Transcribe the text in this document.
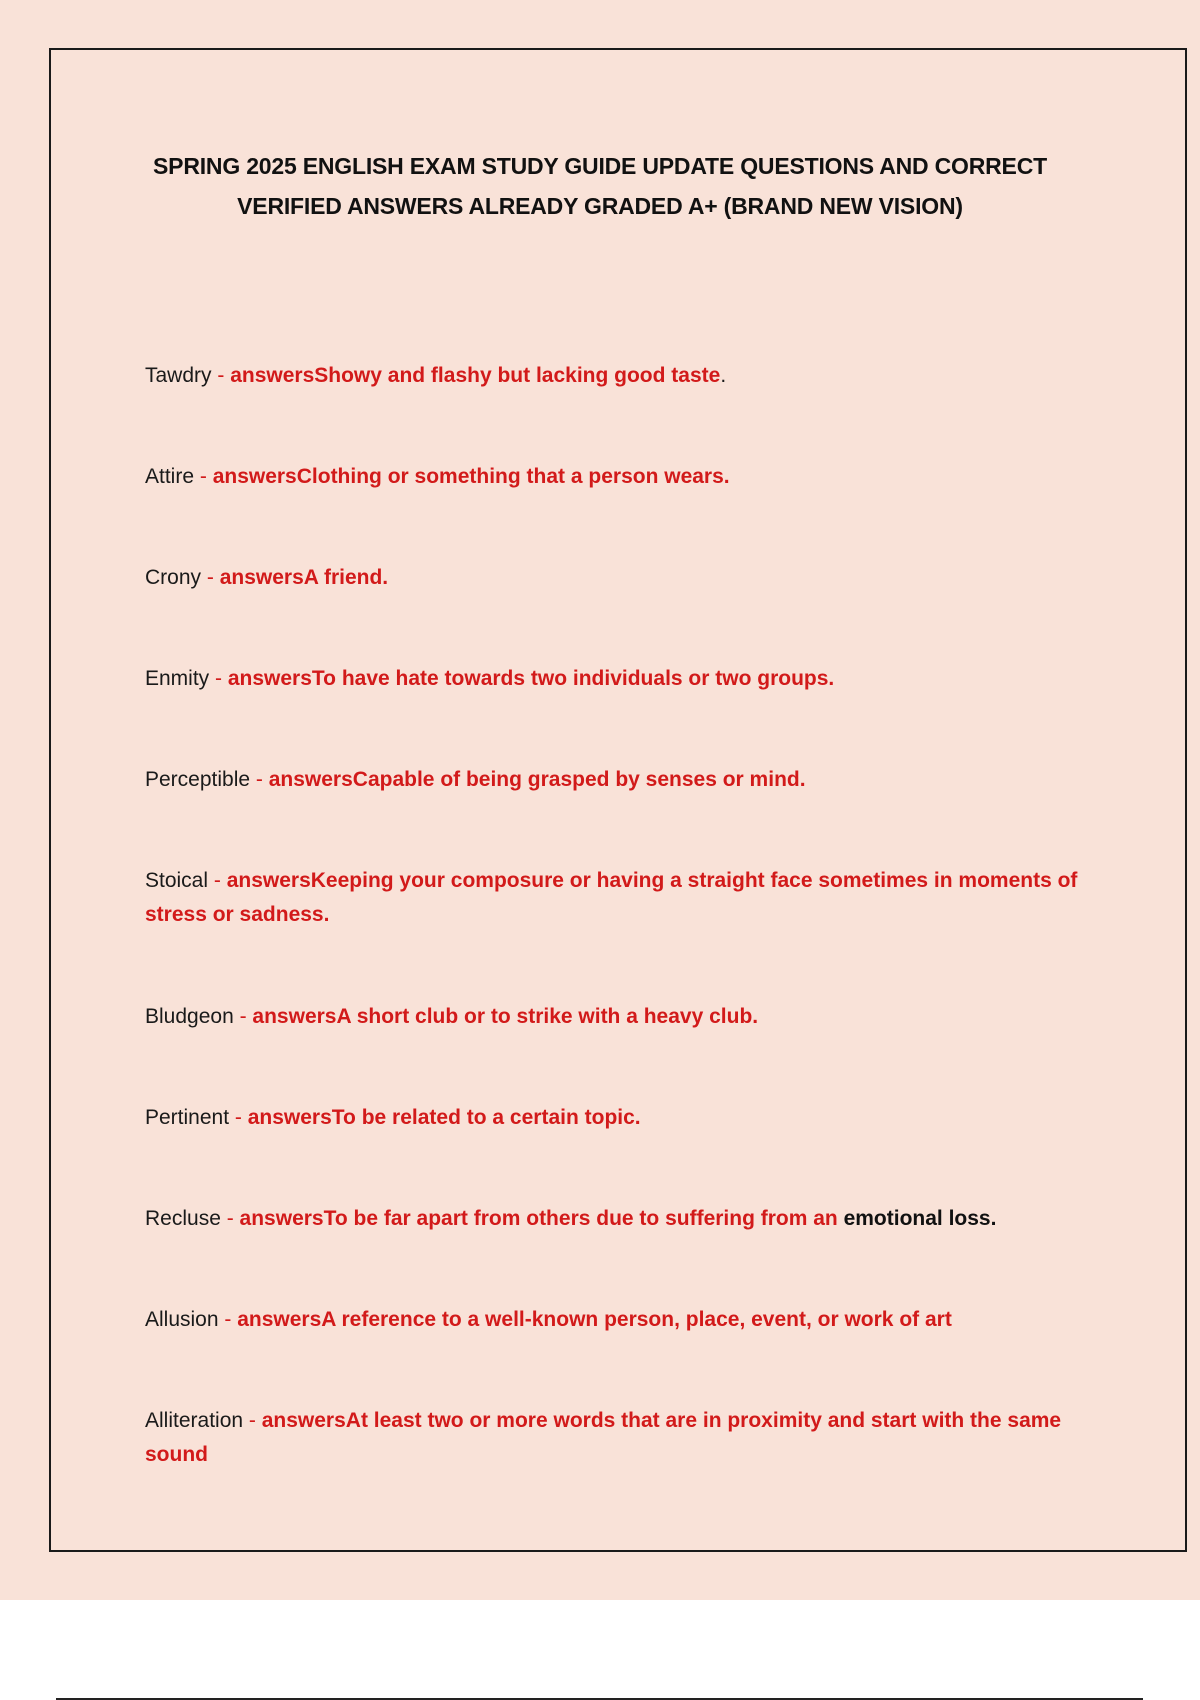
SPRING 2025 ENGLISH EXAM STUDY GUIDE UPDATE QUESTIONS AND CORRECT
VERIFIED ANSWERS ALREADY GRADED A+ (BRAND NEW VISION)

Tawdry - answersShowy and flashy but lacking good taste.

Attire - answersClothing or something that a person wears.

Crony - answersA friend.

Enmity - answersTo have hate towards two individuals or two groups.

Perceptible - answersCapable of being grasped by senses or mind.

Stoical - answersKeeping your composure or having a straight face sometimes in moments of stress or sadness.

Bludgeon - answersA short club or to strike with a heavy club.

Pertinent - answersTo be related to a certain topic.

Recluse - answersTo be far apart from others due to suffering from an emotional loss.

Allusion - answersA reference to a well-known person, place, event, or work of art

Alliteration - answersAt least two or more words that are in proximity and start with the same sound
